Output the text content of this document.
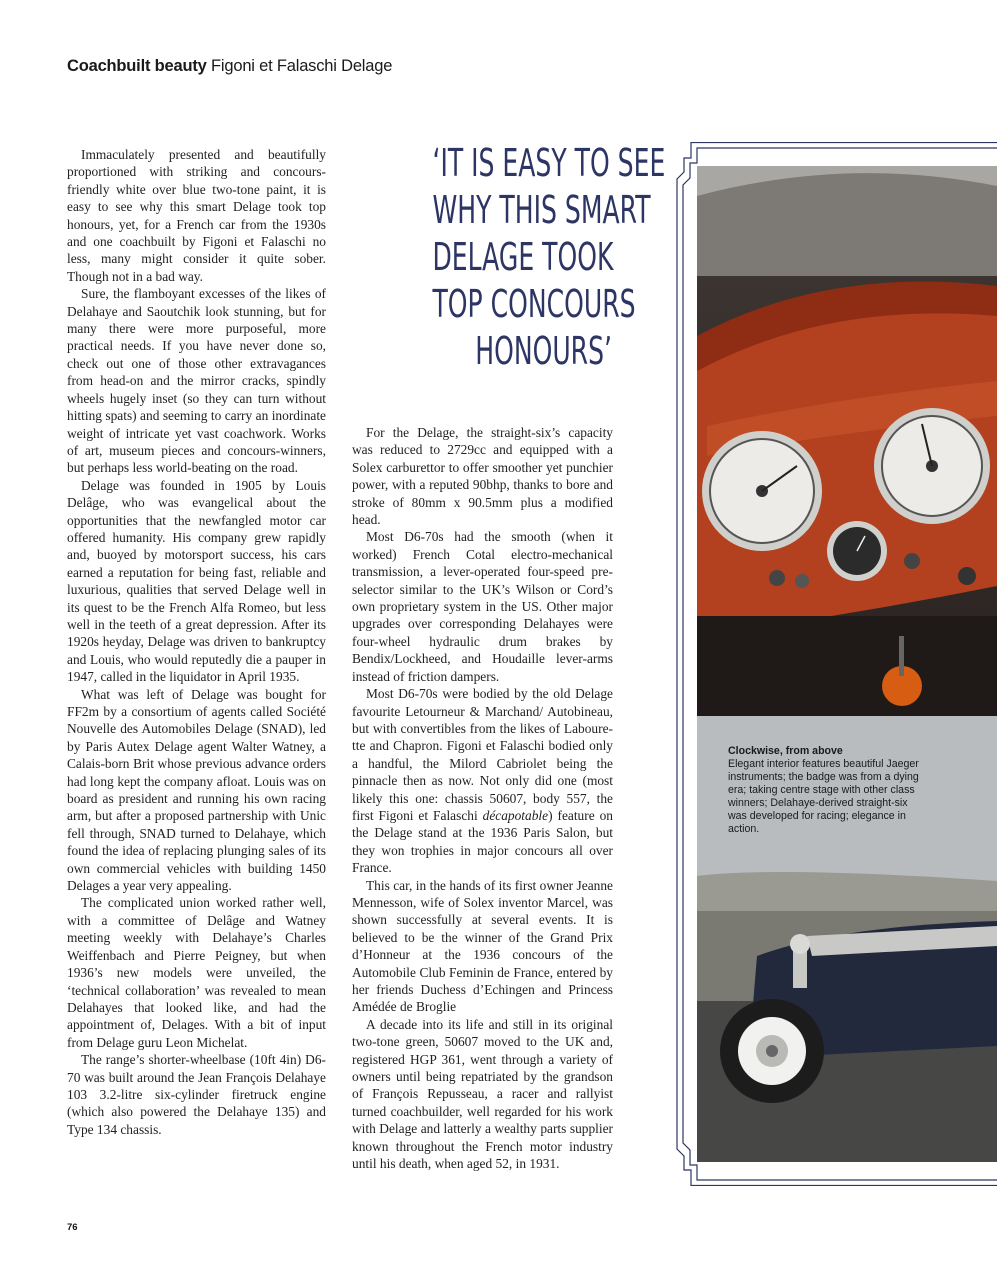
Coachbuilt beauty Figoni et Falaschi Delage

Immaculately presented and beautifully proportioned with striking and concours-friendly white over blue two-tone paint, it is easy to see why this smart Delage took top honours, yet, for a French car from the 1930s and one coachbuilt by Figoni et Falaschi no less, many might consider it quite sober. Though not in a bad way.

Sure, the flamboyant excesses of the likes of Delahaye and Saoutchik look stunning, but for many there were more purposeful, more practical needs. If you have never done so, check out one of those other extravagances from head-on and the mirror cracks, spindly wheels hugely inset (so they can turn without hitting spats) and seeming to carry an inordinate weight of intricate yet vast coachwork. Works of art, museum pieces and concours-winners, but perhaps less world-beating on the road.

Delage was founded in 1905 by Louis Delâge, who was evangelical about the opportunities that the newfangled motor car offered humanity. His company grew rapidly and, buoyed by motorsport success, his cars earned a reputation for being fast, reliable and luxurious, qualities that served Delage well in its quest to be the French Alfa Romeo, but less well in the teeth of a great depression. After its 1920s heyday, Delage was driven to bankruptcy and Louis, who would reputedly die a pauper in 1947, called in the liquidator in April 1935.

What was left of Delage was bought for FF2m by a consortium of agents called Société Nouvelle des Automobiles Delage (SNAD), led by Paris Autex Delage agent Walter Watney, a Calais-born Brit whose previous advance orders had long kept the company afloat. Louis was on board as president and running his own racing arm, but after a proposed partnership with Unic fell through, SNAD turned to Delahaye, which found the idea of replacing plunging sales of its own commercial vehicles with building 1450 Delages a year very appealing.

The complicated union worked rather well, with a committee of Delâge and Watney meeting weekly with Delahaye’s Charles Weiffenbach and Pierre Peigney, but when 1936’s new models were unveiled, the ‘technical collaboration’ was revealed to mean Delahayes that looked like, and had the appointment of, Delages. With a bit of input from Delage guru Leon Michelat.

The range’s shorter-wheelbase (10ft 4in) D6-70 was built around the Jean François Delahaye 103 3.2-litre six-cylinder firetruck engine (which also powered the Delahaye 135) and Type 134 chassis.

‘IT IS EASY TO SEE
WHY THIS SMART
DELAGE TOOK
TOP CONCOURS
HONOURS’

For the Delage, the straight-six’s capacity was reduced to 2729cc and equipped with a Solex carburettor to offer smoother yet punchier power, with a reputed 90bhp, thanks to bore and stroke of 80mm x 90.5mm plus a modified head.

Most D6-70s had the smooth (when it worked) French Cotal electro-mechanical transmission, a lever-operated four-speed pre-selector similar to the UK’s Wilson or Cord’s own proprietary system in the US. Other major upgrades over corresponding Delahayes were four-wheel hydraulic drum brakes by Bendix/Lockheed, and Houdaille lever-arms instead of friction dampers.

Most D6-70s were bodied by the old Delage favourite Letourneur & Marchand/ Autobineau, but with convertibles from the likes of Labourette and Chapron. Figoni et Falaschi bodied only a handful, the Milord Cabriolet being the pinnacle then as now. Not only did one (most likely this one: chassis 50607, body 557, the first Figoni et Falaschi décapotable) feature on the Delage stand at the 1936 Paris Salon, but they won trophies in major concours all over France.

This car, in the hands of its first owner Jeanne Mennesson, wife of Solex inventor Marcel, was shown successfully at several events. It is believed to be the winner of the Grand Prix d’Honneur at the 1936 concours of the Automobile Club Feminin de France, entered by her friends Duchess d’Echingen and Princess Amédée de Broglie

A decade into its life and still in its original two-tone green, 50607 moved to the UK and, registered HGP 361, went through a variety of owners until being repatriated by the grandson of François Repusseau, a racer and rallyist turned coachbuilder, well regarded for his work with Delage and latterly a wealthy parts supplier known throughout the French motor industry until his death, when aged 52, in 1931.

Clockwise, from above
Elegant interior features beautiful Jaeger instruments; the badge was from a dying era; taking centre stage with other class winners; Delahaye-derived straight-six was developed for racing; elegance in action.
76
